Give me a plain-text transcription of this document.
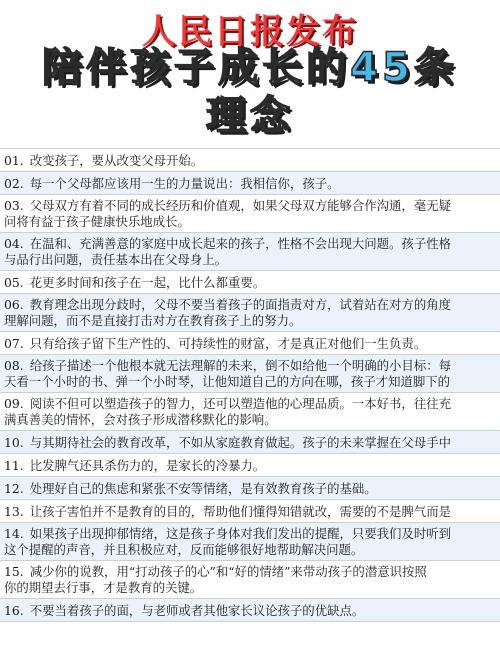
人民日报发布
陪伴孩子成长的45条
理念
01. 改变孩子，要从改变父母开始。
02. 每一个父母都应该用一生的力量说出：我相信你，孩子。
03. 父母双方有着不同的成长经历和价值观，如果父母双方能够合作沟通，毫无疑
问将有益于孩子健康快乐地成长。
04. 在温和、充满善意的家庭中成长起来的孩子，性格不会出现大问题。孩子性格
与品行出问题，责任基本出在父母身上。
05. 花更多时间和孩子在一起，比什么都重要。
06. 教育理念出现分歧时，父母不要当着孩子的面指责对方，试着站在对方的角度
理解问题，而不是直接打击对方在教育孩子上的努力。
07. 只有给孩子留下生产性的、可持续性的财富，才是真正对他们一生负责。
08. 给孩子描述一个他根本就无法理解的未来，倒不如给他一个明确的小目标：每
天看一个小时的书、弹一个小时琴，让他知道自己的方向在哪，孩子才知道脚下的
09. 阅读不但可以塑造孩子的智力，还可以塑造他的心理品质。一本好书，往往充
满真善美的情怀，会对孩子形成潜移默化的影响。
10. 与其期待社会的教育改革，不如从家庭教育做起。孩子的未来掌握在父母手中
11. 比发脾气还具杀伤力的，是家长的冷暴力。
12. 处理好自己的焦虑和紧张不安等情绪，是有效教育孩子的基础。
13. 让孩子害怕并不是教育的目的，帮助他们懂得知错就改，需要的不是脾气而是
14. 如果孩子出现抑郁情绪，这是孩子身体对我们发出的提醒，只要我们及时听到
这个提醒的声音，并且积极应对，反而能够很好地帮助解决问题。
15. 减少你的说教，用“打动孩子的心”和“好的情绪”来带动孩子的潜意识按照
你的期望去行事，才是教育的关键。
16. 不要当着孩子的面，与老师或者其他家长议论孩子的优缺点。
